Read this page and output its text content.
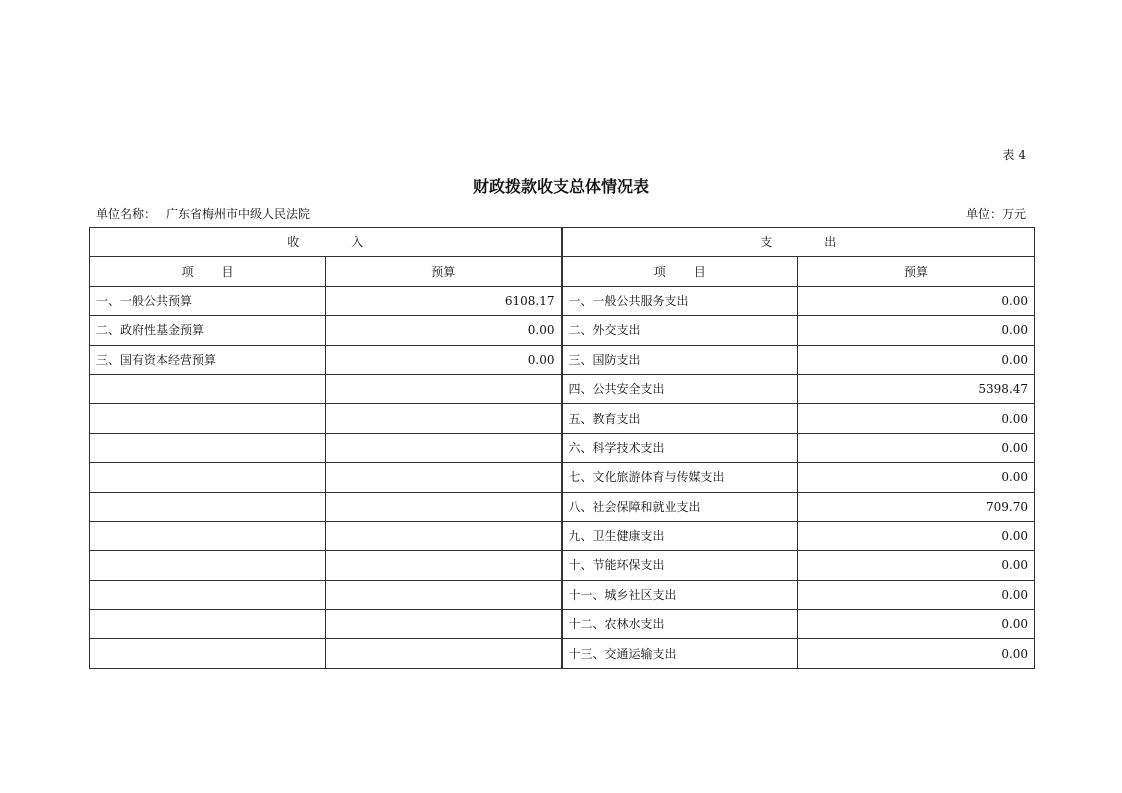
表 4
财政拨款收支总体情况表
单位名称： 广东省梅州市中级人民法院	单位：万元
收入		支出	
项目	预算	项目	预算
一、一般公共预算	6108.17	一、一般公共服务支出	0.00
二、政府性基金预算	0.00	二、外交支出	0.00
三、国有资本经营预算	0.00	三、国防支出	0.00
		四、公共安全支出	5398.47
		五、教育支出	0.00
		六、科学技术支出	0.00
		七、文化旅游体育与传媒支出	0.00
		八、社会保障和就业支出	709.70
		九、卫生健康支出	0.00
		十、节能环保支出	0.00
		十一、城乡社区支出	0.00
		十二、农林水支出	0.00
		十三、交通运输支出	0.00
